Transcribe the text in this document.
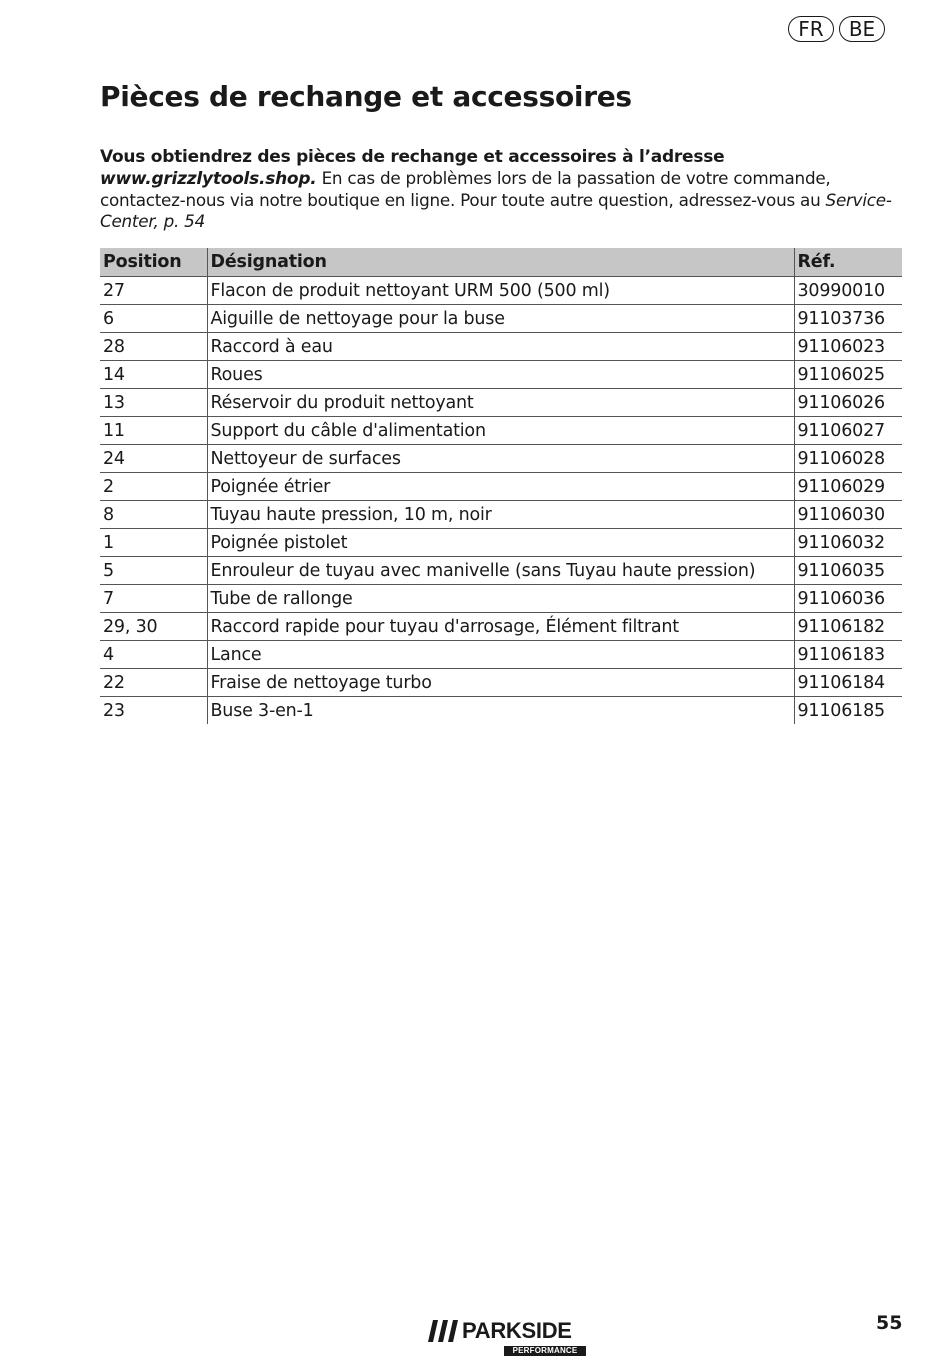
FR	BE
Pièces de rechange et accessoires

Vous obtiendrez des pièces de rechange et accessoires à l’adresse
www.grizzlytools.shop. En cas de problèmes lors de la passation de votre commande, contactez-nous via notre boutique en ligne. Pour toute autre question, adressez-vous au Service-Center, p. 54

Position	Désignation	Réf.
27	Flacon de produit nettoyant URM 500 (500 ml)	30990010
6	Aiguille de nettoyage pour la buse	91103736
28	Raccord à eau	91106023
14	Roues	91106025
13	Réservoir du produit nettoyant	91106026
11	Support du câble d'alimentation	91106027
24	Nettoyeur de surfaces	91106028
2	Poignée étrier	91106029
8	Tuyau haute pression, 10 m, noir	91106030
1	Poignée pistolet	91106032
5	Enrouleur de tuyau avec manivelle (sans Tuyau haute pression)	91106035
7	Tube de rallonge	91106036
29, 30	Raccord rapide pour tuyau d'arrosage, Élément filtrant	91106182
4	Lance	91106183
22	Fraise de nettoyage turbo	91106184
23	Buse 3-en-1	91106185
PARKSIDE
PERFORMANCE
55
